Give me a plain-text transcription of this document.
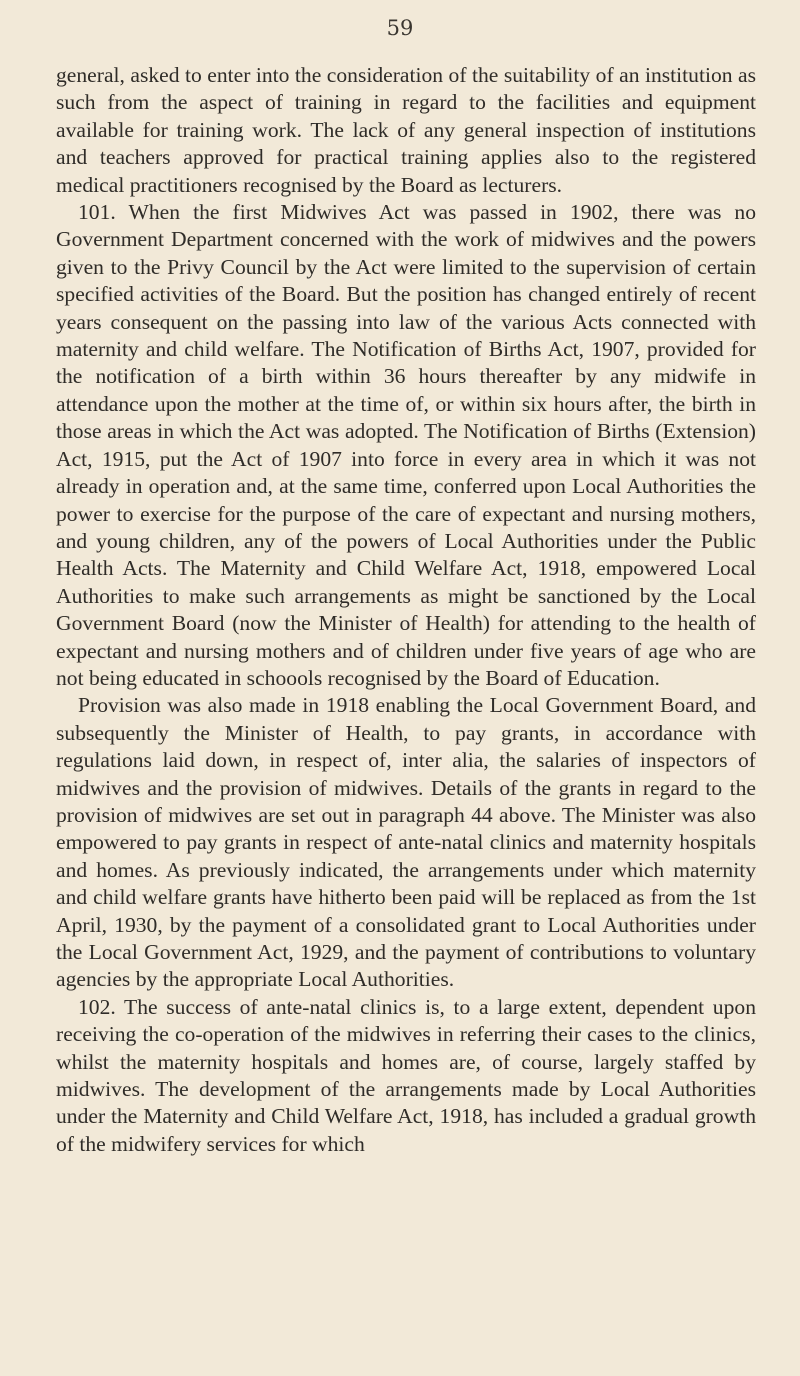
59

general, asked to enter into the consideration of the suitability of an institution as such from the aspect of training in regard to the facilities and equipment available for training work. The lack of any general inspection of institutions and teachers approved for practical training applies also to the registered medical practitioners recognised by the Board as lecturers.

101. When the first Midwives Act was passed in 1902, there was no Government Department concerned with the work of midwives and the powers given to the Privy Council by the Act were limited to the supervision of certain specified activities of the Board. But the position has changed entirely of recent years consequent on the passing into law of the various Acts connected with maternity and child welfare. The Notification of Births Act, 1907, provided for the notification of a birth within 36 hours thereafter by any midwife in attendance upon the mother at the time of, or within six hours after, the birth in those areas in which the Act was adopted. The Notification of Births (Extension) Act, 1915, put the Act of 1907 into force in every area in which it was not already in operation and, at the same time, conferred upon Local Authorities the power to exercise for the purpose of the care of expectant and nursing mothers, and young children, any of the powers of Local Authorities under the Public Health Acts. The Maternity and Child Welfare Act, 1918, empowered Local Authorities to make such arrangements as might be sanctioned by the Local Government Board (now the Minister of Health) for attending to the health of expectant and nursing mothers and of children under five years of age who are not being educated in schoools recognised by the Board of Education.

Provision was also made in 1918 enabling the Local Government Board, and subsequently the Minister of Health, to pay grants, in accordance with regulations laid down, in respect of, inter alia, the salaries of inspectors of midwives and the provision of midwives. Details of the grants in regard to the provision of midwives are set out in paragraph 44 above. The Minister was also empowered to pay grants in respect of ante-natal clinics and maternity hospitals and homes. As previously indicated, the arrangements under which maternity and child welfare grants have hitherto been paid will be replaced as from the 1st April, 1930, by the payment of a consolidated grant to Local Authorities under the Local Government Act, 1929, and the payment of contributions to voluntary agencies by the appropriate Local Authorities.

102. The success of ante-natal clinics is, to a large extent, dependent upon receiving the co-operation of the midwives in referring their cases to the clinics, whilst the maternity hospitals and homes are, of course, largely staffed by midwives. The development of the arrangements made by Local Authorities under the Maternity and Child Welfare Act, 1918, has included a gradual growth of the midwifery services for which
